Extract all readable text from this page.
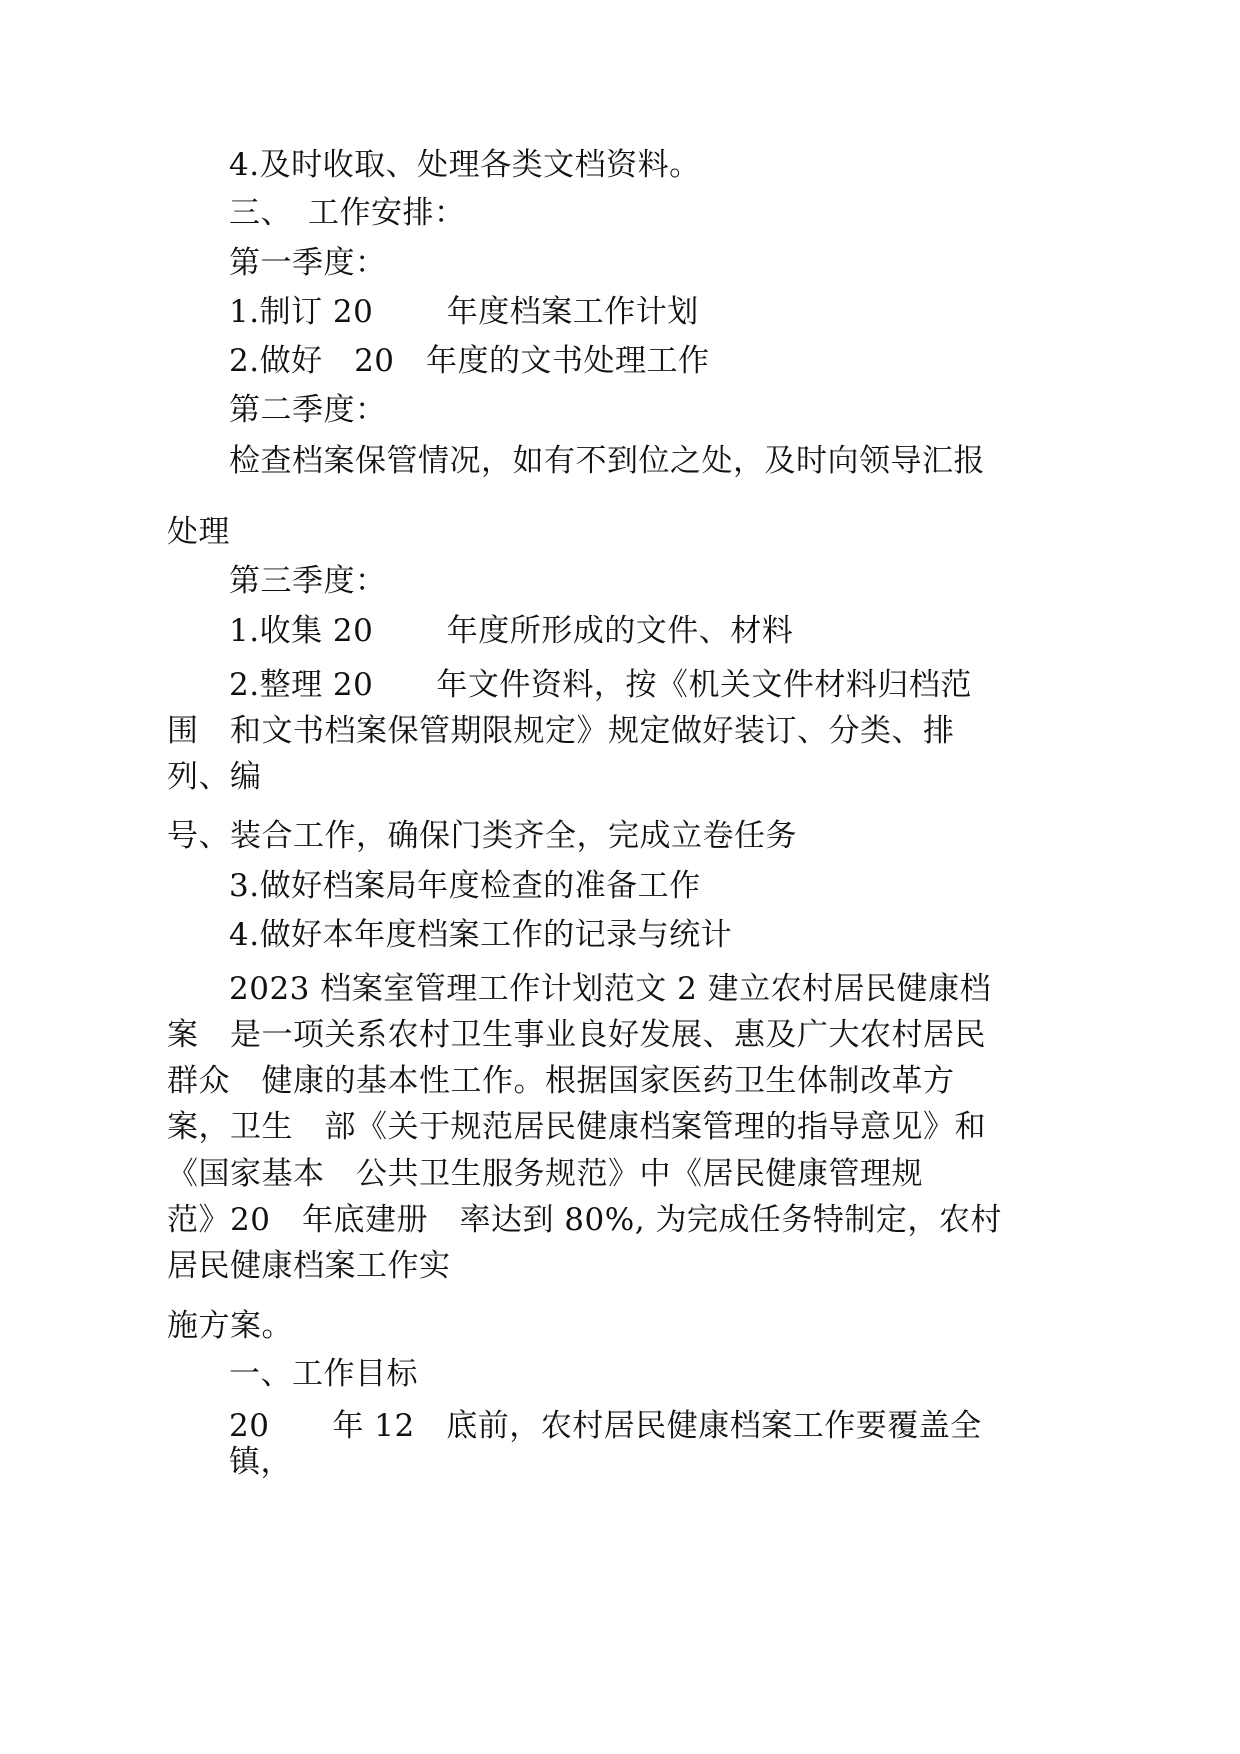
4.及时收取、处理各类文档资料。
三、　工作安排：
第一季度：
1.制订 20　　 年度档案工作计划
2.做好　20　年度的文书处理工作
第二季度：
检查档案保管情况，如有不到位之处，及时向领导汇报
处理
第三季度：
1.收集 20　　 年度所形成的文件、材料
2.整理 20　　年文件资料，按《机关文件材料归档范
围　和文书档案保管期限规定》规定做好装订、分类、排
列、编
号、装合工作，确保门类齐全，完成立卷任务
3.做好档案局年度检查的准备工作
4.做好本年度档案工作的记录与统计
2023 档案室管理工作计划范文 2 建立农村居民健康档
案　是一项关系农村卫生事业良好发展、惠及广大农村居民
群众　健康的基本性工作。根据国家医药卫生体制改革方
案，卫生　部《关于规范居民健康档案管理的指导意见》和
《国家基本　公共卫生服务规范》中《居民健康管理规
范》20　年底建册　率达到 80%, 为完成任务特制定，农村
居民健康档案工作实
施方案。
一、工作目标
20　　年 12　底前，农村居民健康档案工作要覆盖全
镇，
